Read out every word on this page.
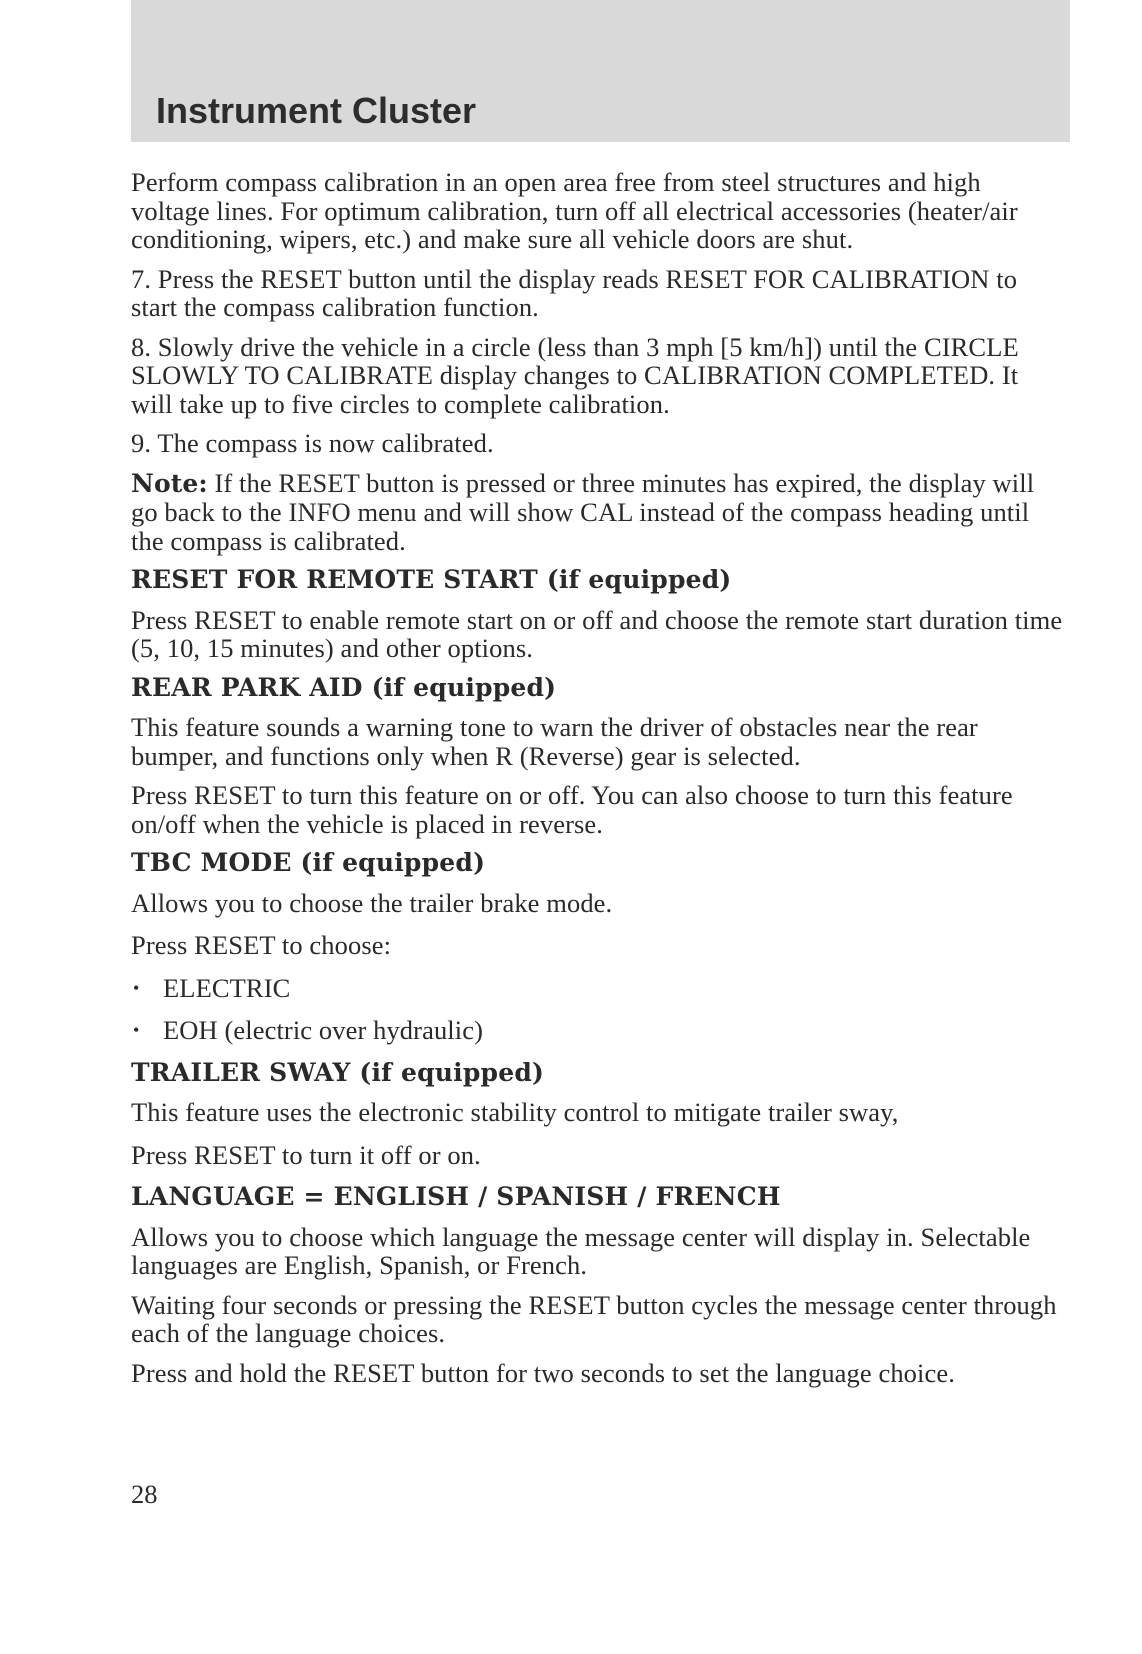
Instrument Cluster

Perform compass calibration in an open area free from steel structures and high voltage lines. For optimum calibration, turn off all electrical accessories (heater/air conditioning, wipers, etc.) and make sure all vehicle doors are shut.

7. Press the RESET button until the display reads RESET FOR CALIBRATION to start the compass calibration function.

8. Slowly drive the vehicle in a circle (less than 3 mph [5 km/h]) until the CIRCLE SLOWLY TO CALIBRATE display changes to CALIBRATION COMPLETED. It will take up to five circles to complete calibration.

9. The compass is now calibrated.

Note: If the RESET button is pressed or three minutes has expired, the display will go back to the INFO menu and will show CAL instead of the compass heading until the compass is calibrated.

RESET FOR REMOTE START (if equipped)

Press RESET to enable remote start on or off and choose the remote start duration time (5, 10, 15 minutes) and other options.

REAR PARK AID (if equipped)

This feature sounds a warning tone to warn the driver of obstacles near the rear bumper, and functions only when R (Reverse) gear is selected.

Press RESET to turn this feature on or off. You can also choose to turn this feature on/off when the vehicle is placed in reverse.

TBC MODE (if equipped)

Allows you to choose the trailer brake mode.

Press RESET to choose:

• ELECTRIC
• EOH (electric over hydraulic)
TRAILER SWAY (if equipped)

This feature uses the electronic stability control to mitigate trailer sway,

Press RESET to turn it off or on.

LANGUAGE = ENGLISH / SPANISH / FRENCH

Allows you to choose which language the message center will display in. Selectable languages are English, Spanish, or French.

Waiting four seconds or pressing the RESET button cycles the message center through each of the language choices.

Press and hold the RESET button for two seconds to set the language choice.

28
